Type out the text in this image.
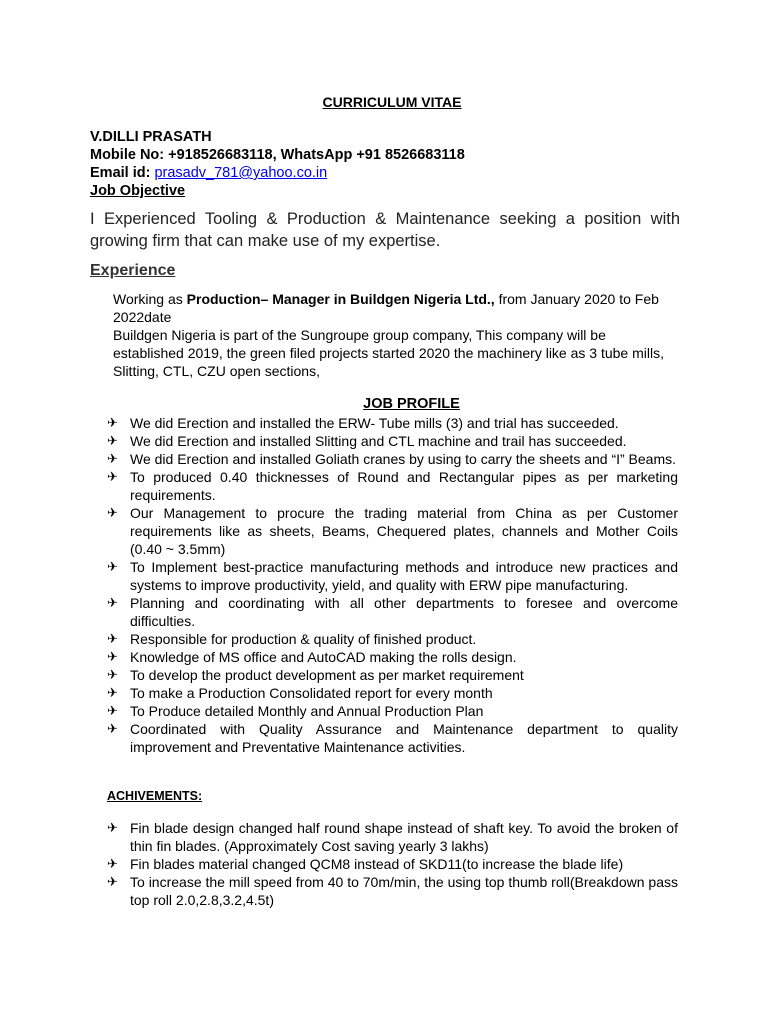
CURRICULUM VITAE
V.DILLI PRASATH
Mobile No: +918526683118, WhatsApp +91 8526683118
Email id: prasadv_781@yahoo.co.in
Job Objective
I Experienced Tooling & Production & Maintenance seeking a position with growing firm that can make use of my expertise.
Experience
Working as Production– Manager in Buildgen Nigeria Ltd., from January 2020 to Feb 2022date
Buildgen Nigeria is part of the Sungroupe group company, This company will be established 2019, the green filed projects started 2020 the machinery like as 3 tube mills, Slitting, CTL, CZU open sections,
JOB PROFILE
✈ We did Erection and installed the ERW- Tube mills (3) and trial has succeeded.
✈ We did Erection and installed Slitting and CTL machine and trail has succeeded.
✈ We did Erection and installed Goliath cranes by using to carry the sheets and “I” Beams.
✈ To produced 0.40 thicknesses of Round and Rectangular pipes as per marketing requirements.
✈ Our Management to procure the trading material from China as per Customer requirements like as sheets, Beams, Chequered plates, channels and Mother Coils (0.40 ~ 3.5mm)
✈ To Implement best-practice manufacturing methods and introduce new practices and systems to improve productivity, yield, and quality with ERW pipe manufacturing.
✈ Planning and coordinating with all other departments to foresee and overcome difficulties.
✈ Responsible for production & quality of finished product.
✈ Knowledge of MS office and AutoCAD making the rolls design.
✈ To develop the product development as per market requirement
✈ To make a Production Consolidated report for every month
✈ To Produce detailed Monthly and Annual Production Plan
✈ Coordinated with Quality Assurance and Maintenance department to quality improvement and Preventative Maintenance activities.
ACHIVEMENTS:
✈ Fin blade design changed half round shape instead of shaft key. To avoid the broken of thin fin blades. (Approximately Cost saving yearly 3 lakhs)
✈ Fin blades material changed QCM8 instead of SKD11(to increase the blade life)
✈ To increase the mill speed from 40 to 70m/min, the using top thumb roll(Breakdown pass top roll 2.0,2.8,3.2,4.5t)
